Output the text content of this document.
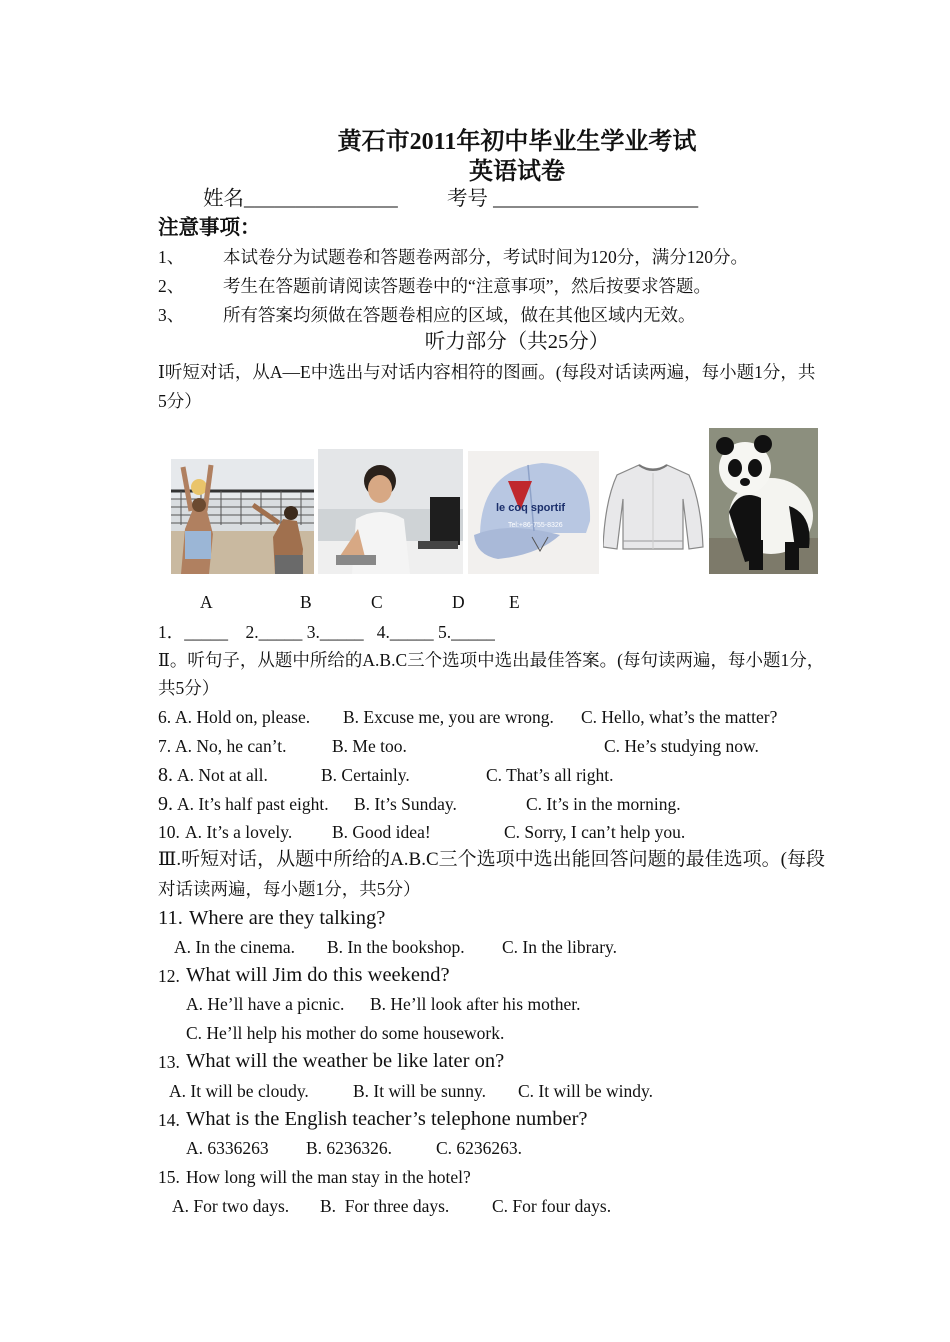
黄石市2011年初中毕业生学业考试
英语试卷
姓名_______________ 考号 ____________________
注意事项：
1、 本试卷分为试题卷和答题卷两部分，考试时间为120分，满分120分。
2、 考生在答题前请阅读答题卷中的“注意事项”，然后按要求答题。
3、 所有答案均须做在答题卷相应的区域，做在其他区域内无效。
听力部分（共25分）
Ⅰ听短对话，从A—E中选出与对话内容相符的图画。(每段对话读两遍，每小题1分，共
5分）
le coq sportif
Tel:+86-755-8326
A	B	C	D	E
1．_____    2._____ 3._____   4._____ 5._____
Ⅱ。听句子，从题中所给的A.B.C三个选项中选出最佳答案。(每句读两遍，每小题1分，
共5分）
6. A. Hold on, please. B. Excuse me, you are wrong. C. Hello, what’s the matter?
7. A. No, he can’t.	B. Me too.	C. He’s studying now.
8. A. Not at all.	B. Certainly.	C. That’s all right.
9. A. It’s half past eight. B. It’s Sunday.	C. It’s in the morning.
10. A. It’s a lovely. B. Good idea!	C. Sorry, I can’t help you.
Ⅲ.听短对话，从题中所给的A.B.C三个选项中选出能回答问题的最佳选项。(每段
对话读两遍，每小题1分，共5分）
11. Where are they talking?
A. In the cinema. B. In the bookshop. C. In the library.
12. What will Jim do this weekend?
A. He’ll have a picnic. B. He’ll look after his mother.
C. He’ll help his mother do some housework.
13. What will the weather be like later on?
A. It will be cloudy.	B. It will be sunny. C. It will be windy.
14. What is the English teacher’s telephone number?
A. 6336263 B. 6236326.	C. 6236263.
15. How long will the man stay in the hotel?
A. For two days. B.  For three days. C. For four days.
